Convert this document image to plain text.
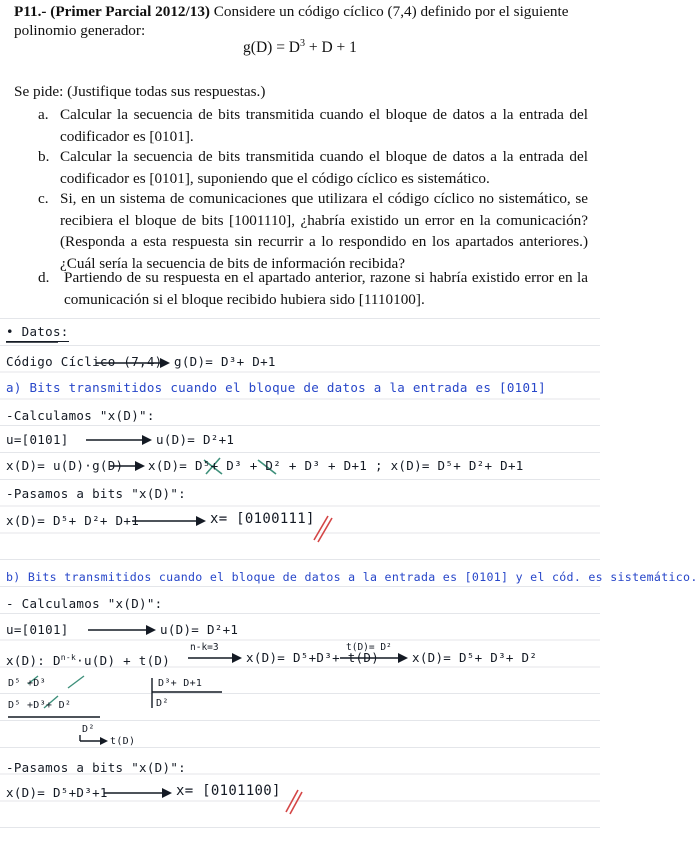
P11.- (Primer Parcial 2012/13) Considere un código cíclico (7,4) definido por el siguiente
polinomio generador:
$g(D) = D^3 + D + 1$
Se pide: (Justifique todas sus respuestas.)
a. Calcular la secuencia de bits transmitida cuando el bloque de datos a la entrada del codificador es [0101].
b. Calcular la secuencia de bits transmitida cuando el bloque de datos a la entrada del codificador es [0101], suponiendo que el código cíclico es sistemático.
c. Si, en un sistema de comunicaciones que utilizara el código cíclico no sistemático, se recibiera el bloque de bits [1001110], ¿habría existido un error en la comunicación? (Responda a esta respuesta sin recurrir a lo respondido en los apartados anteriores.) ¿Cuál sería la secuencia de bits de información recibida?
d. Partiendo de su respuesta en el apartado anterior, razone si habría existido error en la comunicación si el bloque recibido hubiera sido [1110100].
• Datos:
Código Cíclico (7,4) g(D)= D³+ D+1
a) Bits transmitidos cuando el bloque de datos a la entrada es [0101]
-Calculamos "x(D)":
u=[0101]	u(D)= D²+1
x(D)= u(D)·g(D) x(D)= D⁵+ D³ + D² + D³ + D+1 ; x(D)= D⁵+ D²+ D+1
-Pasamos a bits "x(D)":
x(D)= D⁵+ D²+ D+1	x= [0100111]
b) Bits transmitidos cuando el bloque de datos a la entrada es [0101] y el cód. es sistemático.
- Calculamos "x(D)":
u=[0101]	u(D)= D²+1
x(D): $D^{n-k}\cdot u(D) + t(D)$
n-k=3
x(D)= D⁵+D³+ t(D)
t(D)= D²
x(D)= D⁵+ D³+ D²
D⁵ +D³
D⁵ +D³+ D²
D³+ D+1
D²
D²
t(D)
-Pasamos a bits "x(D)":
x(D)= D⁵+D³+1	x= [0101100]
